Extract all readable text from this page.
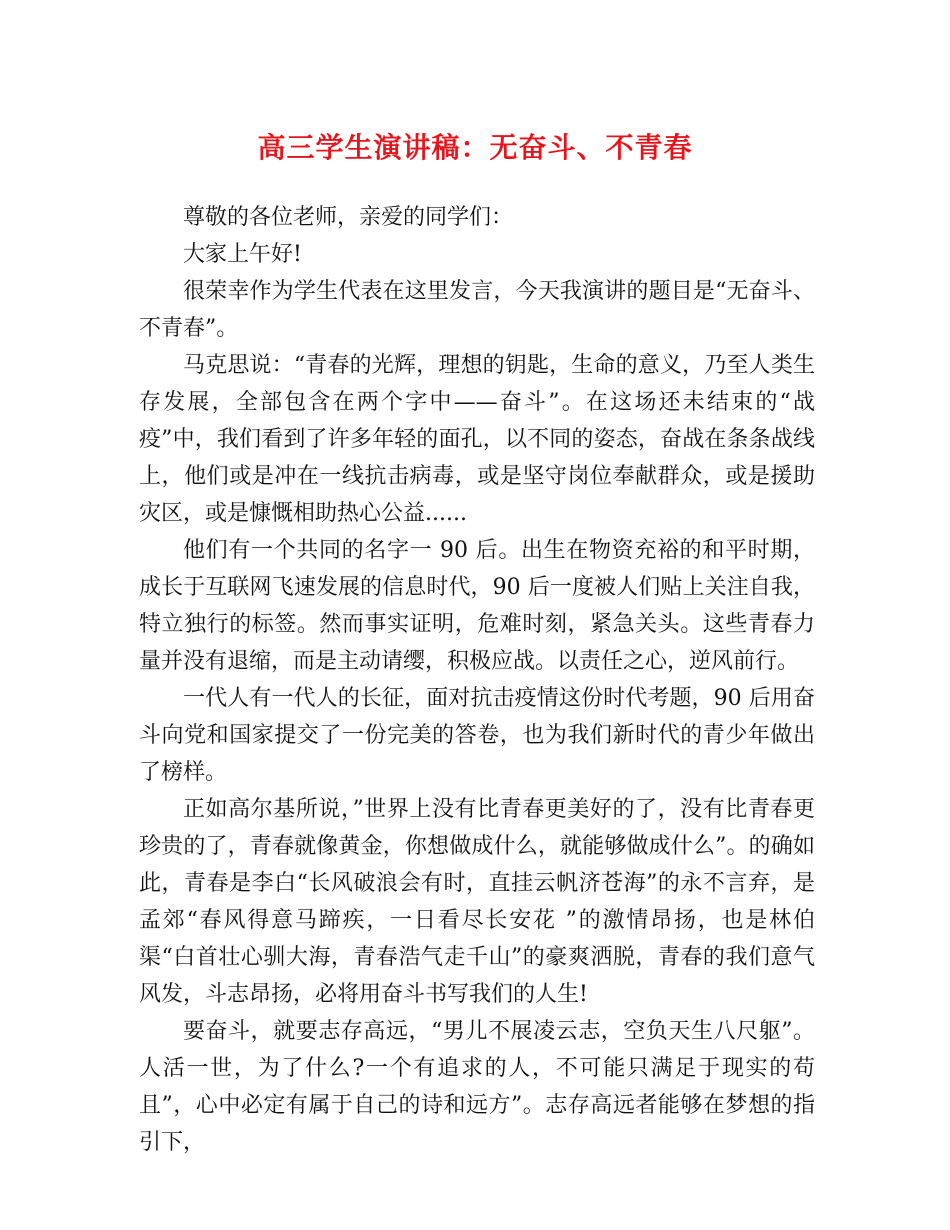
高三学生演讲稿：无奋斗、不青春

尊敬的各位老师，亲爱的同学们：

大家上午好!

很荣幸作为学生代表在这里发言，今天我演讲的题目是“无奋斗、不青春”。

马克思说：“青春的光辉，理想的钥匙，生命的意义，乃至人类生存发展，全部包含在两个字中——奋斗”。在这场还未结束的“战疫”中，我们看到了许多年轻的面孔，以不同的姿态，奋战在条条战线上，他们或是冲在一线抗击病毒，或是坚守岗位奉献群众，或是援助灾区，或是慷慨相助热心公益......

他们有一个共同的名字一 90 后。出生在物资充裕的和平时期，成长于互联网飞速发展的信息时代，90 后一度被人们贴上关注自我，特立独行的标签。然而事实证明，危难时刻，紧急关头。这些青春力量并没有退缩，而是主动请缨，积极应战。以责任之心，逆风前行。

一代人有一代人的长征，面对抗击疫情这份时代考题，90 后用奋斗向党和国家提交了一份完美的答卷，也为我们新时代的青少年做出了榜样。

正如高尔基所说，”世界上没有比青春更美好的了，没有比青春更珍贵的了，青春就像黄金，你想做成什么，就能够做成什么”。的确如此，青春是李白“长风破浪会有时，直挂云帆济苍海”的永不言弃，是孟郊“春风得意马蹄疾，一日看尽长安花 ”的激情昂扬，也是林伯渠“白首壮心驯大海，青春浩气走千山”的豪爽洒脱，青春的我们意气风发，斗志昂扬，必将用奋斗书写我们的人生!

要奋斗，就要志存高远，“男儿不展凌云志，空负天生八尺躯”。人活一世，为了什么?一个有追求的人，不可能只满足于现实的苟且”，心中必定有属于自己的诗和远方”。志存高远者能够在梦想的指引下，
